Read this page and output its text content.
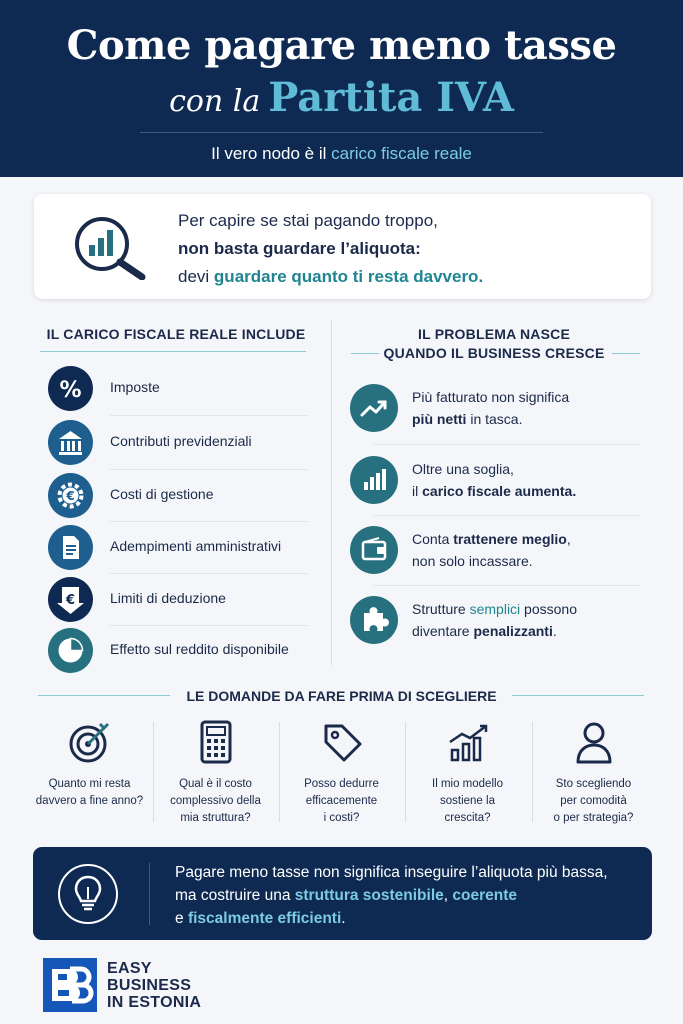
Come pagare meno tasse
con la Partita IVA
Il vero nodo è il carico fiscale reale
Per capire se stai pagando troppo,
non basta guardare l’aliquota:
devi guardare quanto ti resta davvero.
IL CARICO FISCALE REALE INCLUDE
% Imposte
Contributi previdenziali
€	Costi di gestione
Adempimenti amministrativi
€ Limiti di deduzione
Effetto sul reddito disponibile
IL PROBLEMA NASCE
QUANDO IL BUSINESS CRESCE
Più fatturato non significa
più netti in tasca.
Oltre una soglia,
il carico fiscale aumenta.
Conta trattenere meglio,
non solo incassare.
Strutture semplici possono
diventare penalizzanti.
LE DOMANDE DA FARE PRIMA DI SCEGLIERE
Quanto mi resta
davvero a fine anno?
Qual è il costo
complessivo della
mia struttura?
Posso dedurre
efficacemente
i costi?
Il mio modello
sostiene la
crescita?
Sto scegliendo
per comodità
o per strategia?
Pagare meno tasse non significa inseguire l’aliquota più bassa,
ma costruire una struttura sostenibile, coerente
e fiscalmente efficienti.
EASY
BUSINESS
IN ESTONIA
